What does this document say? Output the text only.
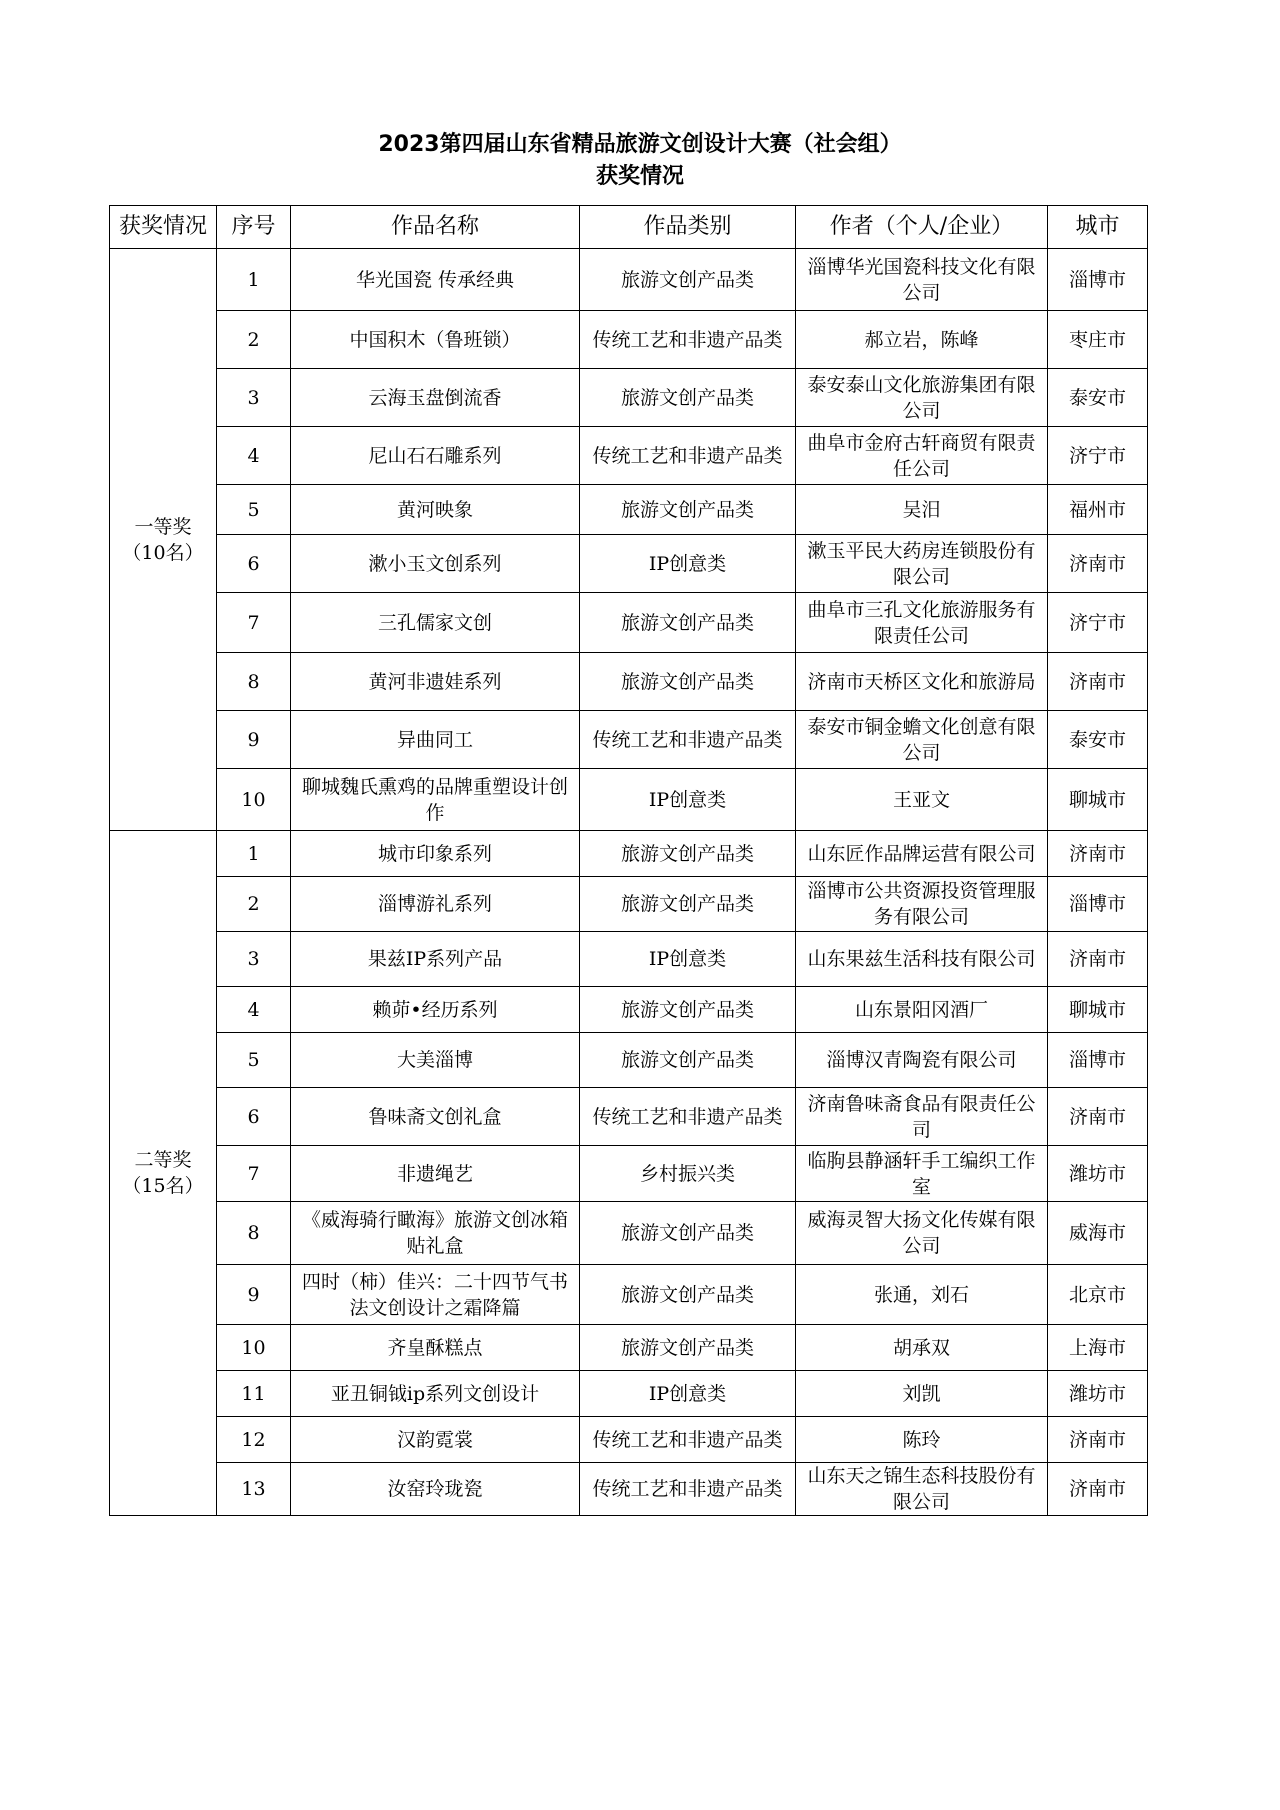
2023第四届山东省精品旅游文创设计大赛（社会组）
获奖情况
获奖情况	序号	作品名称	作品类别	作者（个人/企业）	城市

一等奖
（10名）	1	华光国瓷 传承经典	旅游文创产品类	淄博华光国瓷科技文化有限公司	淄博市
	2	中国积木（鲁班锁）	传统工艺和非遗产品类	郝立岩，陈峰	枣庄市
	3	云海玉盘倒流香	旅游文创产品类	泰安泰山文化旅游集团有限公司	泰安市
	4	尼山石石雕系列	传统工艺和非遗产品类	曲阜市金府古轩商贸有限责任公司	济宁市
	5	黄河映象	旅游文创产品类	吴汨	福州市
	6	漱小玉文创系列	IP创意类	漱玉平民大药房连锁股份有限公司	济南市
	7	三孔儒家文创	旅游文创产品类	曲阜市三孔文化旅游服务有限责任公司	济宁市
	8	黄河非遗娃系列	旅游文创产品类	济南市天桥区文化和旅游局	济南市
	9	异曲同工	传统工艺和非遗产品类	泰安市铜金蟾文化创意有限公司	泰安市
	10	聊城魏氏熏鸡的品牌重塑设计创作	IP创意类	王亚文	聊城市

二等奖
（15名）	1	城市印象系列	旅游文创产品类	山东匠作品牌运营有限公司	济南市
	2	淄博游礼系列	旅游文创产品类	淄博市公共资源投资管理服务有限公司	淄博市
	3	果兹IP系列产品	IP创意类	山东果兹生活科技有限公司	济南市
	4	赖茆•经历系列	旅游文创产品类	山东景阳冈酒厂	聊城市
	5	大美淄博	旅游文创产品类	淄博汉青陶瓷有限公司	淄博市
	6	鲁味斋文创礼盒	传统工艺和非遗产品类	济南鲁味斋食品有限责任公司	济南市
	7	非遗绳艺	乡村振兴类	临朐县静涵轩手工编织工作室	潍坊市
	8	《威海骑行瞰海》旅游文创冰箱贴礼盒	旅游文创产品类	威海灵智大扬文化传媒有限公司	威海市
	9	四时（柿）佳兴：二十四节气书法文创设计之霜降篇	旅游文创产品类	张通，刘石	北京市
	10	齐皇酥糕点	旅游文创产品类	胡承双	上海市
	11	亚丑铜钺ip系列文创设计	IP创意类	刘凯	潍坊市
	12	汉韵霓裳	传统工艺和非遗产品类	陈玲	济南市
	13	汝窑玲珑瓷	传统工艺和非遗产品类	山东天之锦生态科技股份有限公司	济南市
